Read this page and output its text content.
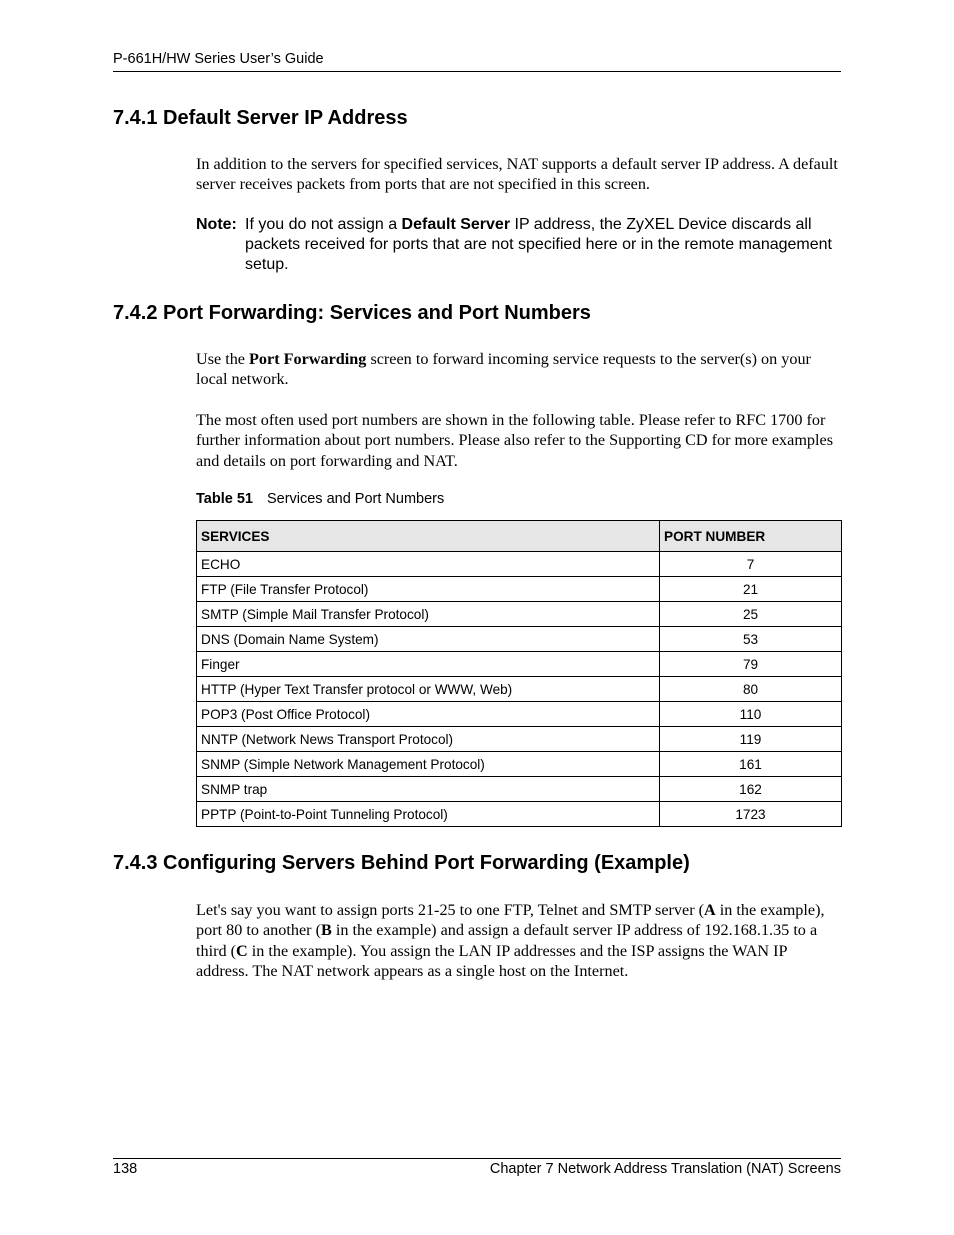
P-661H/HW Series User’s Guide
7.4.1 Default Server IP Address

In addition to the servers for specified services, NAT supports a default server IP address. A default server receives packets from ports that are not specified in this screen.

Note: If you do not assign a Default Server IP address, the ZyXEL Device discards all packets received for ports that are not specified here or in the remote management setup.
7.4.2 Port Forwarding: Services and Port Numbers

Use the Port Forwarding screen to forward incoming service requests to the server(s) on your local network.

The most often used port numbers are shown in the following table. Please refer to RFC 1700 for further information about port numbers. Please also refer to the Supporting CD for more examples and details on port forwarding and NAT.

Table 51 Services and Port Numbers
SERVICES	PORT NUMBER
ECHO	7
FTP (File Transfer Protocol)	21
SMTP (Simple Mail Transfer Protocol)	25
DNS (Domain Name System)	53
Finger	79
HTTP (Hyper Text Transfer protocol or WWW, Web)	80
POP3 (Post Office Protocol)	110
NNTP (Network News Transport Protocol)	119
SNMP (Simple Network Management Protocol)	161
SNMP trap	162
PPTP (Point-to-Point Tunneling Protocol)	1723
7.4.3 Configuring Servers Behind Port Forwarding (Example)

Let's say you want to assign ports 21-25 to one FTP, Telnet and SMTP server (A in the example), port 80 to another (B in the example) and assign a default server IP address of 192.168.1.35 to a third (C in the example). You assign the LAN IP addresses and the ISP assigns the WAN IP address. The NAT network appears as a single host on the Internet.

138	Chapter 7 Network Address Translation (NAT) Screens
